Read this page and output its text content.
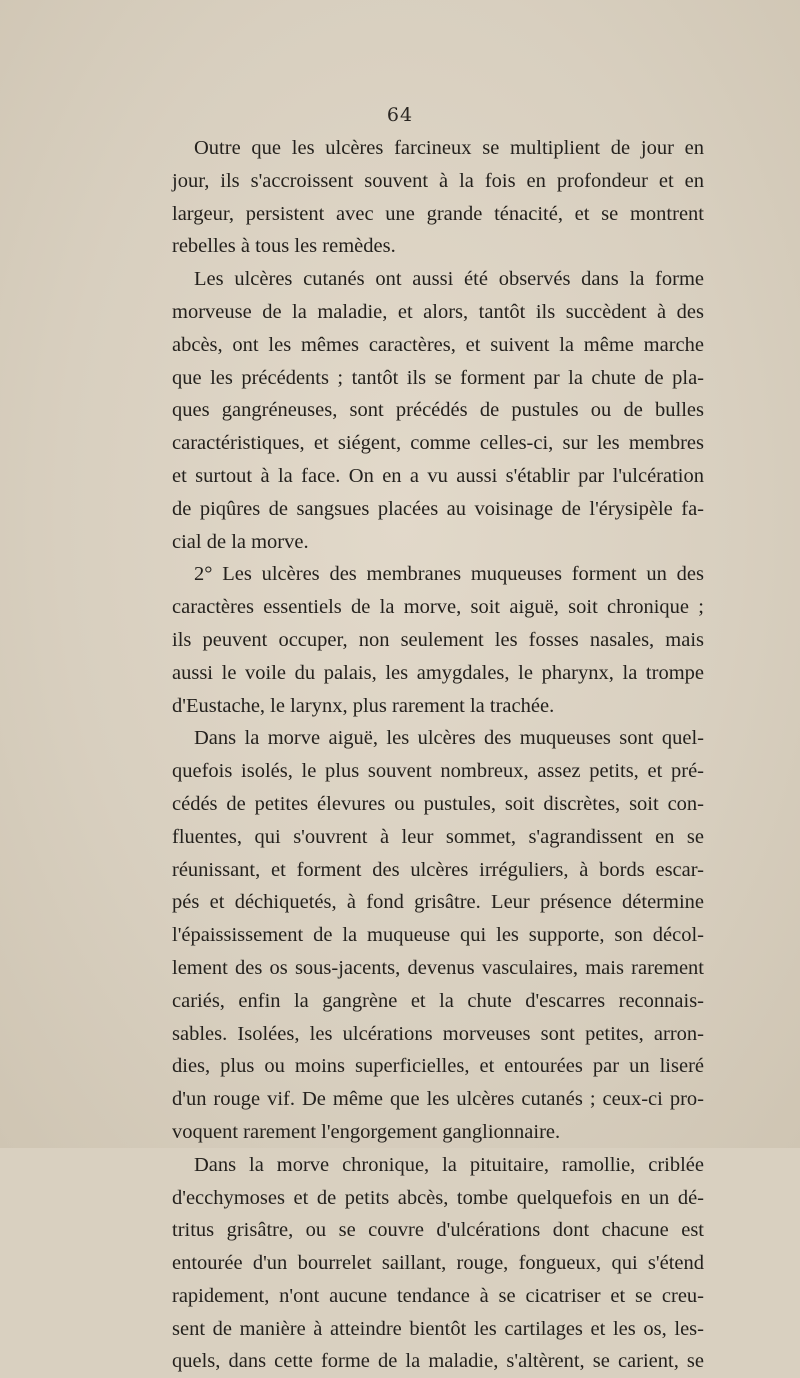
64
Outre que les ulcères farcineux se multiplient de jour en
jour, ils s'accroissent souvent à la fois en profondeur et en
largeur, persistent avec une grande ténacité, et se montrent
rebelles à tous les remèdes.
Les ulcères cutanés ont aussi été observés dans la forme
morveuse de la maladie, et alors, tantôt ils succèdent à des
abcès, ont les mêmes caractères, et suivent la même marche
que les précédents ; tantôt ils se forment par la chute de pla-
ques gangréneuses, sont précédés de pustules ou de bulles
caractéristiques, et siégent, comme celles-ci, sur les membres
et surtout à la face. On en a vu aussi s'établir par l'ulcération
de piqûres de sangsues placées au voisinage de l'érysipèle fa-
cial de la morve.
2° Les ulcères des membranes muqueuses forment un des
caractères essentiels de la morve, soit aiguë, soit chronique ;
ils peuvent occuper, non seulement les fosses nasales, mais
aussi le voile du palais, les amygdales, le pharynx, la trompe
d'Eustache, le larynx, plus rarement la trachée.
Dans la morve aiguë, les ulcères des muqueuses sont quel-
quefois isolés, le plus souvent nombreux, assez petits, et pré-
cédés de petites élevures ou pustules, soit discrètes, soit con-
fluentes, qui s'ouvrent à leur sommet, s'agrandissent en se
réunissant, et forment des ulcères irréguliers, à bords escar-
pés et déchiquetés, à fond grisâtre. Leur présence détermine
l'épaississement de la muqueuse qui les supporte, son décol-
lement des os sous-jacents, devenus vasculaires, mais rarement
cariés, enfin la gangrène et la chute d'escarres reconnais-
sables. Isolées, les ulcérations morveuses sont petites, arron-
dies, plus ou moins superficielles, et entourées par un liseré
d'un rouge vif. De même que les ulcères cutanés ; ceux-ci pro-
voquent rarement l'engorgement ganglionnaire.
Dans la morve chronique, la pituitaire, ramollie, criblée
d'ecchymoses et de petits abcès, tombe quelquefois en un dé-
tritus grisâtre, ou se couvre d'ulcérations dont chacune est
entourée d'un bourrelet saillant, rouge, fongueux, qui s'étend
rapidement, n'ont aucune tendance à se cicatriser et se creu-
sent de manière à atteindre bientôt les cartilages et les os, les-
quels, dans cette forme de la maladie, s'altèrent, se carient, se
